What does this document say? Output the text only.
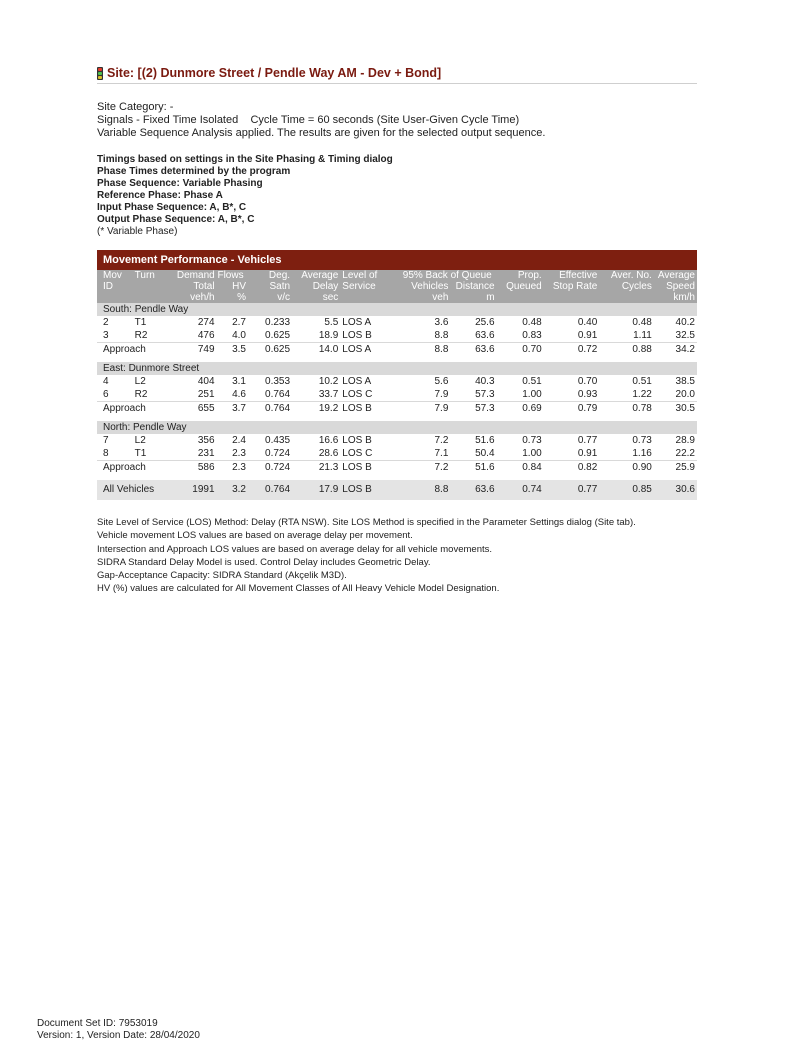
Site: [(2) Dunmore Street / Pendle Way AM - Dev + Bond]
Site Category: -
Signals - Fixed Time Isolated    Cycle Time = 60 seconds (Site User-Given Cycle Time)
Variable Sequence Analysis applied. The results are given for the selected output sequence.
Timings based on settings in the Site Phasing & Timing dialog
Phase Times determined by the program
Phase Sequence: Variable Phasing
Reference Phase: Phase A
Input Phase Sequence: A, B*, C
Output Phase Sequence: A, B*, C
(* Variable Phase)
Movement Performance - Vehicles												
Mov	Turn	Demand Flows		Deg.	Average	Level of	95% Back of Queue		Prop.	Effective	Aver. No.	Average
ID		Total	HV	Satn	Delay	Service	Vehicles	Distance	Queued	Stop Rate	Cycles	Speed
		veh/h	%	v/c	sec		veh	m				km/h
South: Pendle Way												
2	T1	274	2.7	0.233	5.5	LOS A	3.6	25.6	0.48	0.40	0.48	40.2
3	R2	476	4.0	0.625	18.9	LOS B	8.8	63.6	0.83	0.91	1.11	32.5
Approach		749	3.5	0.625	14.0	LOS A	8.8	63.6	0.70	0.72	0.88	34.2

East: Dunmore Street												
4	L2	404	3.1	0.353	10.2	LOS A	5.6	40.3	0.51	0.70	0.51	38.5
6	R2	251	4.6	0.764	33.7	LOS C	7.9	57.3	1.00	0.93	1.22	20.0
Approach		655	3.7	0.764	19.2	LOS B	7.9	57.3	0.69	0.79	0.78	30.5

North: Pendle Way												
7	L2	356	2.4	0.435	16.6	LOS B	7.2	51.6	0.73	0.77	0.73	28.9
8	T1	231	2.3	0.724	28.6	LOS C	7.1	50.4	1.00	0.91	1.16	22.2
Approach		586	2.3	0.724	21.3	LOS B	7.2	51.6	0.84	0.82	0.90	25.9

All Vehicles		1991	3.2	0.764	17.9	LOS B	8.8	63.6	0.74	0.77	0.85	30.6
Site Level of Service (LOS) Method: Delay (RTA NSW). Site LOS Method is specified in the Parameter Settings dialog (Site tab).
Vehicle movement LOS values are based on average delay per movement.
Intersection and Approach LOS values are based on average delay for all vehicle movements.
SIDRA Standard Delay Model is used. Control Delay includes Geometric Delay.
Gap-Acceptance Capacity: SIDRA Standard (Akçelik M3D).
HV (%) values are calculated for All Movement Classes of All Heavy Vehicle Model Designation.
Document Set ID: 7953019
Version: 1, Version Date: 28/04/2020
